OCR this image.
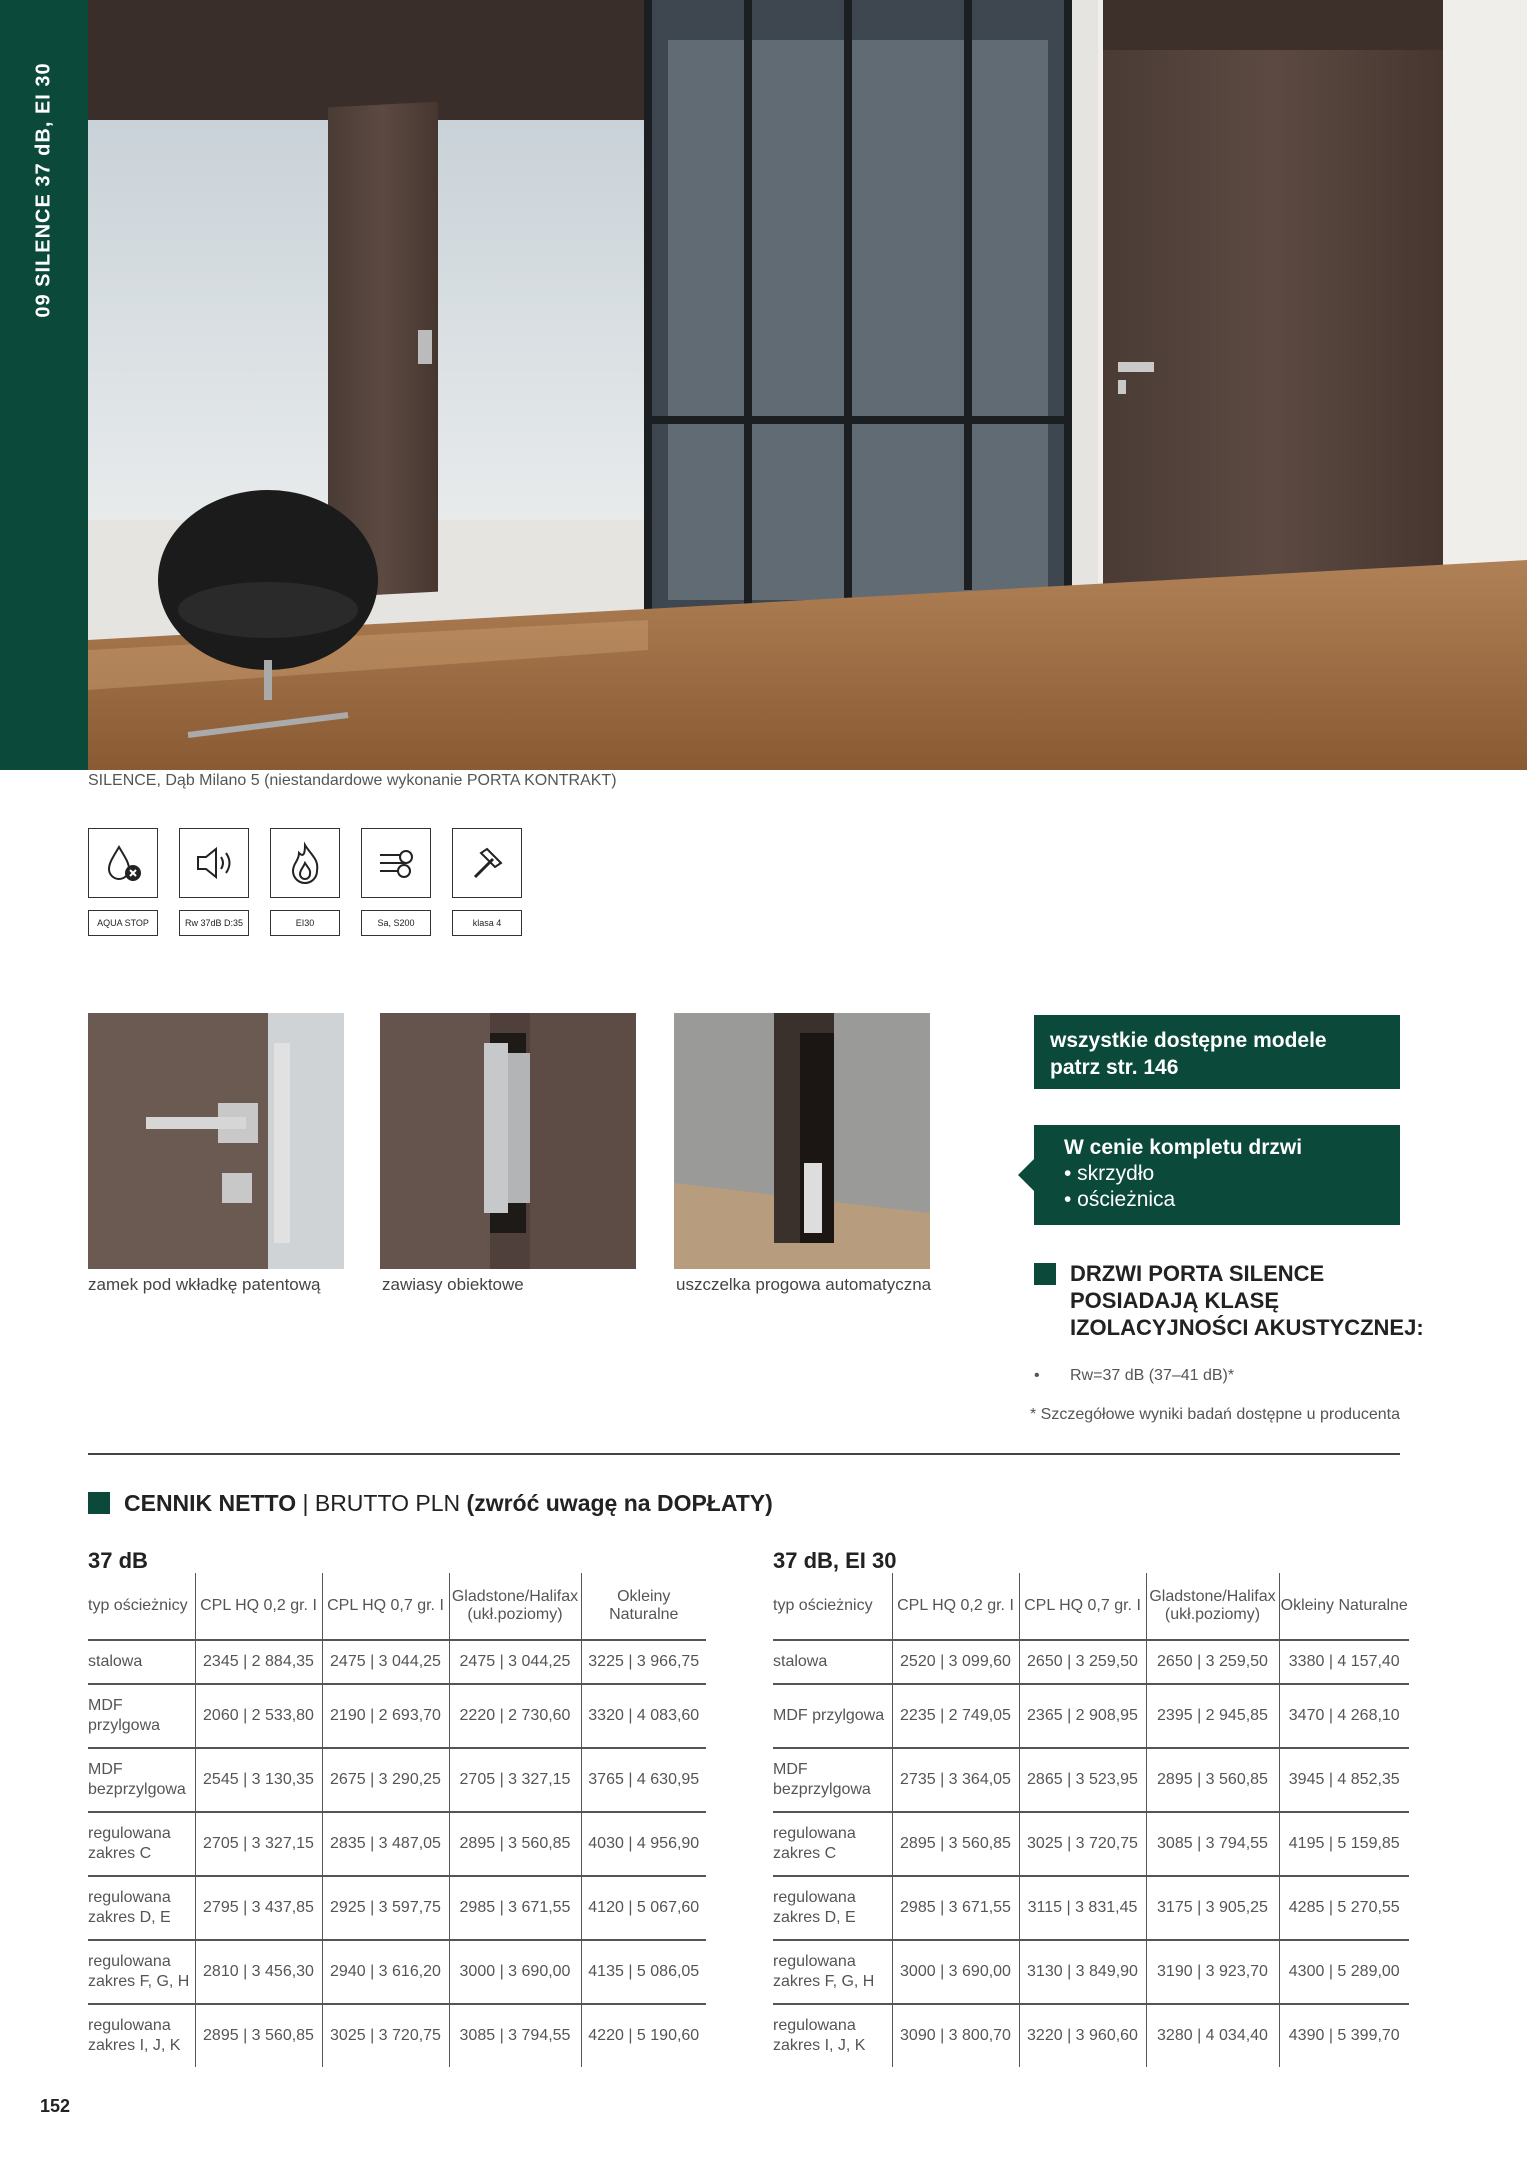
09 SILENCE 37 dB, EI 30
SILENCE, Dąb Milano 5 (niestandardowe wykonanie PORTA KONTRAKT)
AQUA STOP	Rw 37dB D:35	EI30	Sa, S200	klasa 4
zamek pod wkładkę patentową	zawiasy obiektowe	uszczelka progowa automatyczna
wszystkie dostępne modele
patrz str. 146
W cenie kompletu drzwi
• skrzydło
• ościeżnica
DRZWI PORTA SILENCE
POSIADAJĄ KLASĘ
IZOLACYJNOŚCI AKUSTYCZNEJ:
• Rw=37 dB (37–41 dB)*
* Szczegółowe wyniki badań dostępne u producenta
CENNIK NETTO | BRUTTO PLN (zwróć uwagę na DOPŁATY)
37 dB
typ ościeżnicy	CPL HQ 0,2 gr. I	CPL HQ 0,7 gr. I	Gladstone/Halifax (ukł.poziomy)	Okleiny Naturalne
stalowa	2345 | 2 884,35	2475 | 3 044,25	2475 | 3 044,25	3225 | 3 966,75
MDF przylgowa	2060 | 2 533,80	2190 | 2 693,70	2220 | 2 730,60	3320 | 4 083,60
MDF bezprzylgowa	2545 | 3 130,35	2675 | 3 290,25	2705 | 3 327,15	3765 | 4 630,95
regulowana zakres C	2705 | 3 327,15	2835 | 3 487,05	2895 | 3 560,85	4030 | 4 956,90
regulowana zakres D, E	2795 | 3 437,85	2925 | 3 597,75	2985 | 3 671,55	4120 | 5 067,60
regulowana zakres F, G, H	2810 | 3 456,30	2940 | 3 616,20	3000 | 3 690,00	4135 | 5 086,05
regulowana zakres I, J, K	2895 | 3 560,85	3025 | 3 720,75	3085 | 3 794,55	4220 | 5 190,60
37 dB, EI 30
typ ościeżnicy	CPL HQ 0,2 gr. I	CPL HQ 0,7 gr. I	Gladstone/Halifax (ukł.poziomy)	Okleiny Naturalne
stalowa	2520 | 3 099,60	2650 | 3 259,50	2650 | 3 259,50	3380 | 4 157,40
MDF przylgowa	2235 | 2 749,05	2365 | 2 908,95	2395 | 2 945,85	3470 | 4 268,10
MDF bezprzylgowa	2735 | 3 364,05	2865 | 3 523,95	2895 | 3 560,85	3945 | 4 852,35
regulowana zakres C	2895 | 3 560,85	3025 | 3 720,75	3085 | 3 794,55	4195 | 5 159,85
regulowana zakres D, E	2985 | 3 671,55	3115 | 3 831,45	3175 | 3 905,25	4285 | 5 270,55
regulowana zakres F, G, H	3000 | 3 690,00	3130 | 3 849,90	3190 | 3 923,70	4300 | 5 289,00
regulowana zakres I, J, K	3090 | 3 800,70	3220 | 3 960,60	3280 | 4 034,40	4390 | 5 399,70
152
